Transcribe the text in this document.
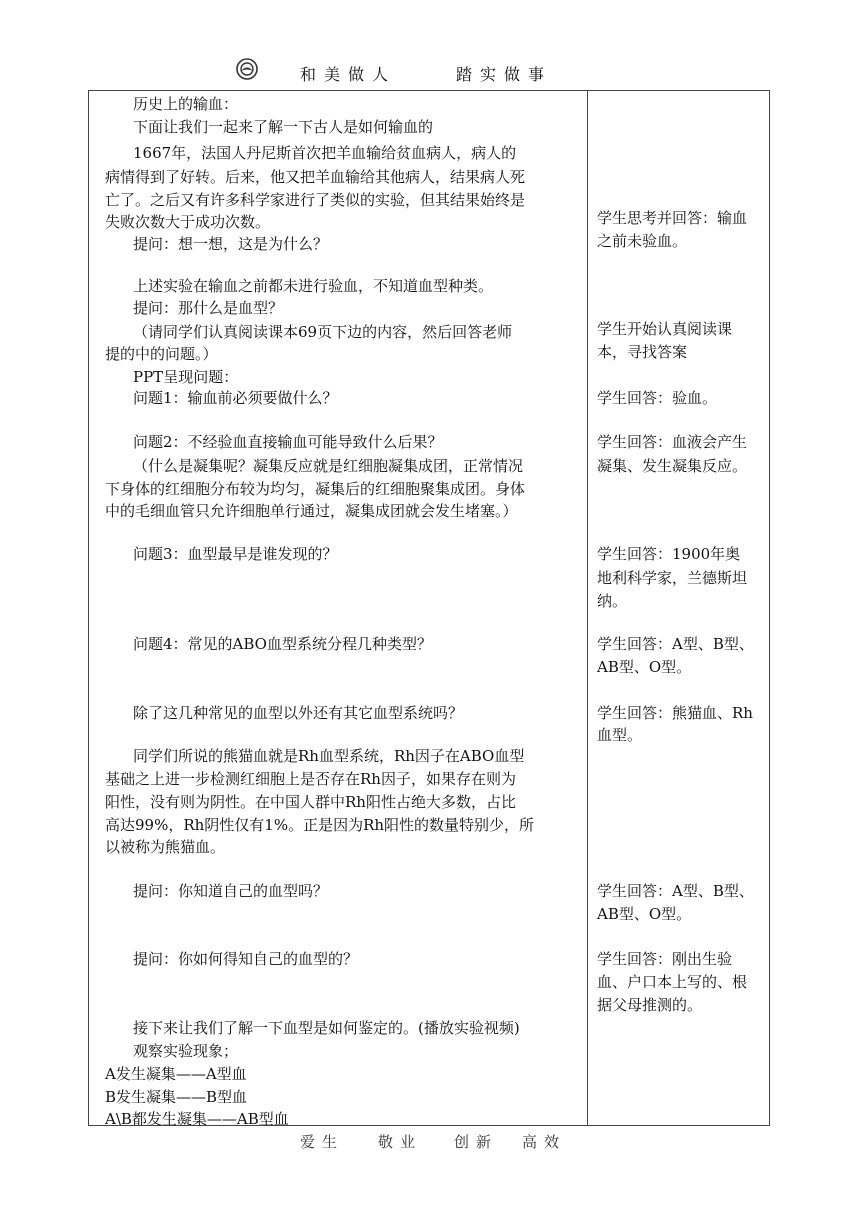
和美做人	踏实做事
历史上的输血：
下面让我们一起来了解一下古人是如何输血的
1667年，法国人丹尼斯首次把羊血输给贫血病人，病人的
病情得到了好转。后来，他又把羊血输给其他病人，结果病人死
亡了。之后又有许多科学家进行了类似的实验，但其结果始终是
失败次数大于成功次数。
提问：想一想，这是为什么？
上述实验在输血之前都未进行验血，不知道血型种类。
提问：那什么是血型？
（请同学们认真阅读课本69页下边的内容，然后回答老师
提的中的问题。）
PPT呈现问题：
问题1：输血前必须要做什么？
问题2：不经验血直接输血可能导致什么后果？
（什么是凝集呢？凝集反应就是红细胞凝集成团，正常情况
下身体的红细胞分布较为均匀，凝集后的红细胞聚集成团。身体
中的毛细血管只允许细胞单行通过，凝集成团就会发生堵塞。）
问题3：血型最早是谁发现的？
问题4：常见的ABO血型系统分程几种类型？
除了这几种常见的血型以外还有其它血型系统吗？
同学们所说的熊猫血就是Rh血型系统，Rh因子在ABO血型
基础之上进一步检测红细胞上是否存在Rh因子，如果存在则为
阳性，没有则为阴性。在中国人群中Rh阳性占绝大多数，占比
高达99%，Rh阴性仅有1%。正是因为Rh阳性的数量特别少，所
以被称为熊猫血。
提问：你知道自己的血型吗？
提问：你如何得知自己的血型的？
接下来让我们了解一下血型是如何鉴定的。(播放实验视频)
观察实验现象；
A发生凝集——A型血
B发生凝集——B型血
A\B都发生凝集——AB型血
学生思考并回答：输血
之前未验血。
学生开始认真阅读课
本，寻找答案
学生回答：验血。
学生回答：血液会产生
凝集、发生凝集反应。
学生回答：1900年奥
地利科学家，兰德斯坦
纳。
学生回答：A型、B型、
AB型、O型。
学生回答：熊猫血、Rh
血型。
学生回答：A型、B型、
AB型、O型。
学生回答：刚出生验
血、户口本上写的、根
据父母推测的。
爱生 敬业 创新 高效
